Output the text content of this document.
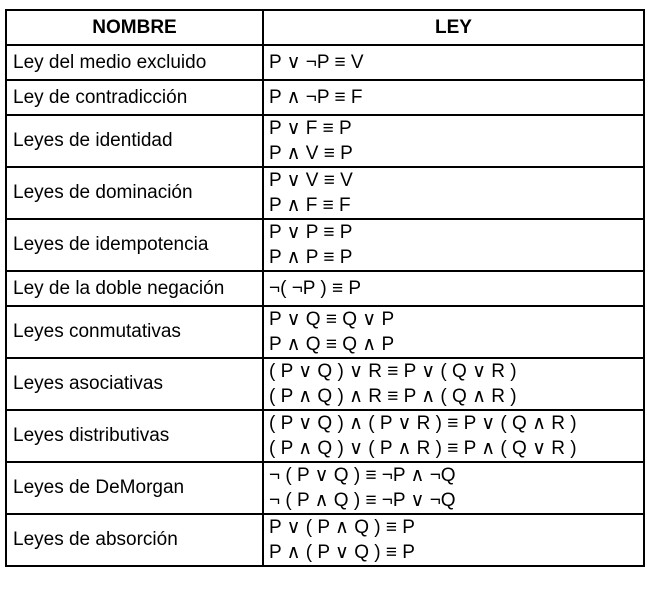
NOMBRE	LEY
Ley del medio excluido	P ∨ ¬P ≡ V

Ley de contradicción	P ∧ ¬P ≡ F

Leyes de identidad	P ∨ F ≡ P
P ∧ V ≡ P

Leyes de dominación	P ∨ V ≡ V
P ∧ F ≡ F

Leyes de idempotencia	P ∨ P ≡ P
P ∧ P ≡ P

Ley de la doble negación	¬( ¬P ) ≡ P

Leyes conmutativas	P ∨ Q ≡ Q ∨ P
P ∧ Q ≡ Q ∧ P

Leyes asociativas	( P ∨ Q ) ∨ R ≡ P ∨ ( Q ∨ R )
( P ∧ Q ) ∧ R ≡ P ∧ ( Q ∧ R )

Leyes distributivas	( P ∨ Q ) ∧ ( P ∨ R ) ≡ P ∨ ( Q ∧ R )
( P ∧ Q ) ∨ ( P ∧ R ) ≡ P ∧ ( Q ∨ R )

Leyes de DeMorgan	¬ ( P ∨ Q ) ≡ ¬P ∧ ¬Q
¬ ( P ∧ Q ) ≡ ¬P ∨ ¬Q

Leyes de absorción	P ∨ ( P ∧ Q ) ≡ P
P ∧ ( P ∨ Q ) ≡ P
